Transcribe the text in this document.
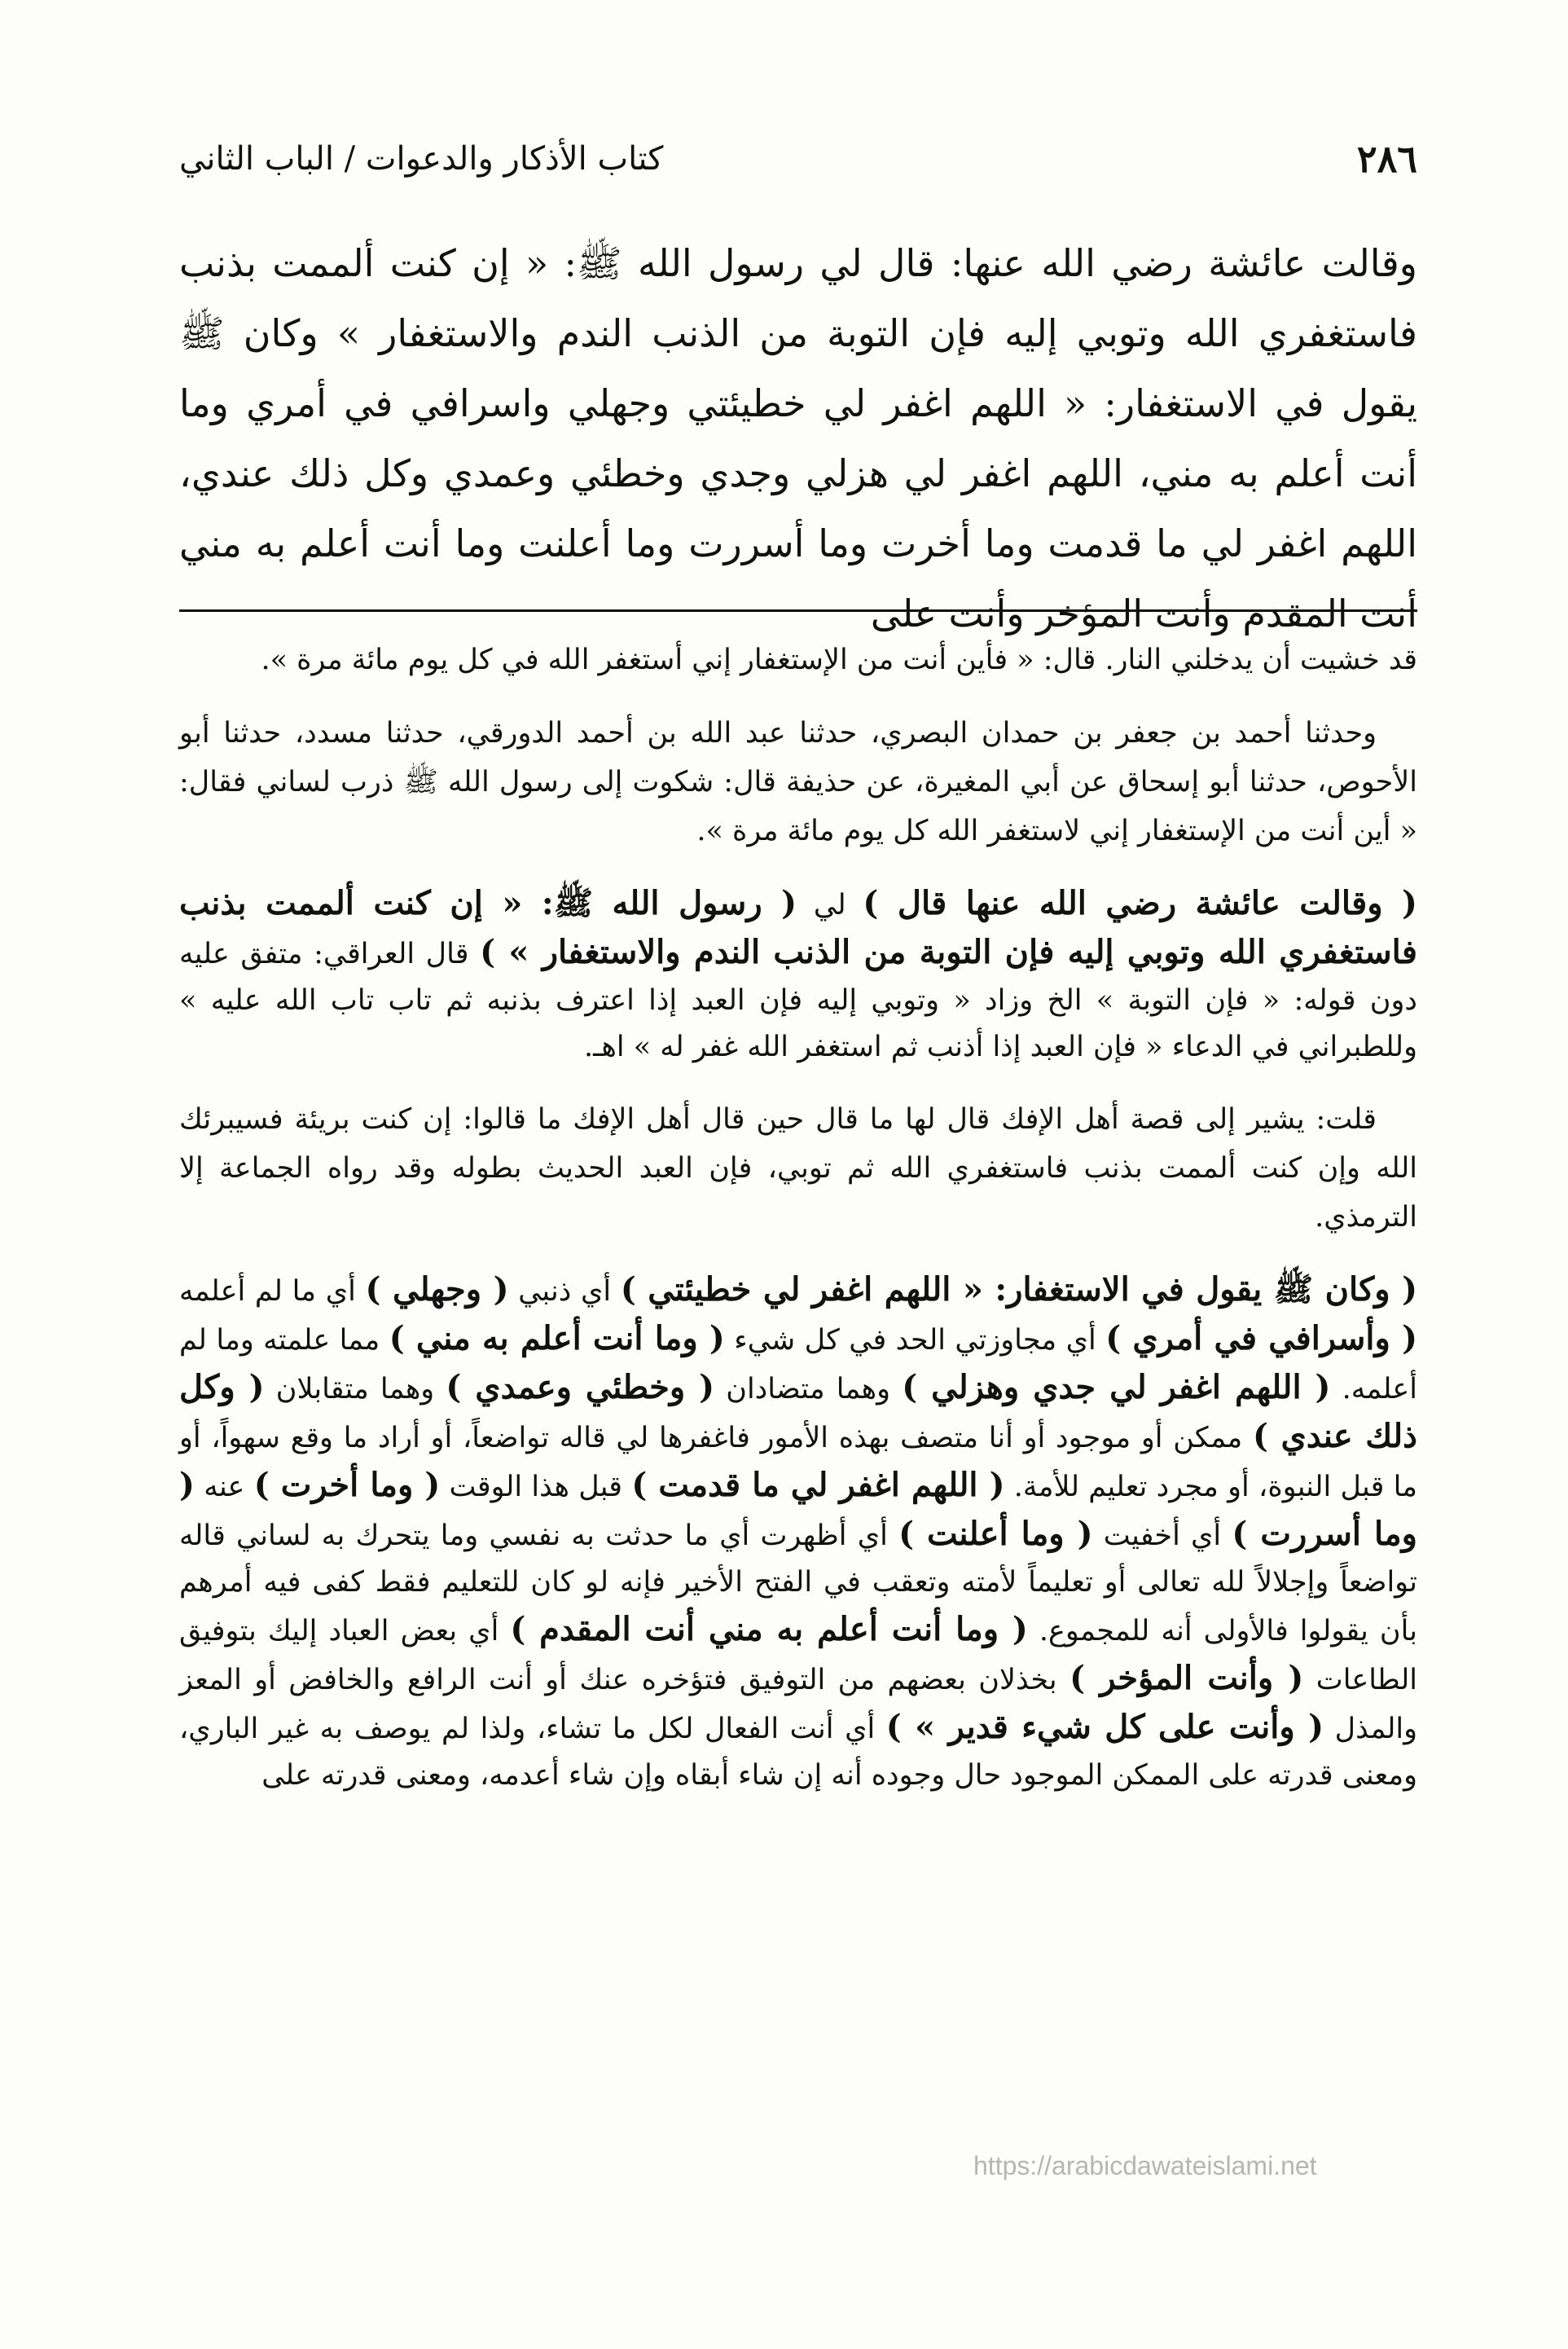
٢٨٦
كتاب الأذكار والدعوات / الباب الثاني
وقالت عائشة رضي الله عنها: قال لي رسول الله ﷺ: « إن كنت ألممت بذنب فاستغفري الله وتوبي إليه فإن التوبة من الذنب الندم والاستغفار » وكان ﷺ يقول في الاستغفار: « اللهم اغفر لي خطيئتي وجهلي واسرافي في أمري وما أنت أعلم به مني، اللهم اغفر لي هزلي وجدي وخطئي وعمدي وكل ذلك عندي، اللهم اغفر لي ما قدمت وما أخرت وما أسررت وما أعلنت وما أنت أعلم به مني أنت المقدم وأنت المؤخر وأنت على

قد خشيت أن يدخلني النار. قال: « فأين أنت من الإستغفار إني أستغفر الله في كل يوم مائة مرة ».

وحدثنا أحمد بن جعفر بن حمدان البصري، حدثنا عبد الله بن أحمد الدورقي، حدثنا مسدد، حدثنا أبو الأحوص، حدثنا أبو إسحاق عن أبي المغيرة، عن حذيفة قال: شكوت إلى رسول الله ﷺ ذرب لساني فقال: « أين أنت من الإستغفار إني لاستغفر الله كل يوم مائة مرة ».

( وقالت عائشة رضي الله عنها قال ) لي ( رسول الله ﷺ: « إن كنت ألممت بذنب فاستغفري الله وتوبي إليه فإن التوبة من الذنب الندم والاستغفار » ) قال العراقي: متفق عليه دون قوله: « فإن التوبة » الخ وزاد « وتوبي إليه فإن العبد إذا اعترف بذنبه ثم تاب تاب الله عليه » وللطبراني في الدعاء « فإن العبد إذا أذنب ثم استغفر الله غفر له » اهـ.

قلت: يشير إلى قصة أهل الإفك قال لها ما قال حين قال أهل الإفك ما قالوا: إن كنت بريئة فسيبرئك الله وإن كنت ألممت بذنب فاستغفري الله ثم توبي، فإن العبد الحديث بطوله وقد رواه الجماعة إلا الترمذي.

( وكان ﷺ يقول في الاستغفار: « اللهم اغفر لي خطيئتي ) أي ذنبي ( وجهلي ) أي ما لم أعلمه ( وأسرافي في أمري ) أي مجاوزتي الحد في كل شيء ( وما أنت أعلم به مني ) مما علمته وما لم أعلمه. ( اللهم اغفر لي جدي وهزلي ) وهما متضادان ( وخطئي وعمدي ) وهما متقابلان ( وكل ذلك عندي ) ممكن أو موجود أو أنا متصف بهذه الأمور فاغفرها لي قاله تواضعاً، أو أراد ما وقع سهواً، أو ما قبل النبوة، أو مجرد تعليم للأمة. ( اللهم اغفر لي ما قدمت ) قبل هذا الوقت ( وما أخرت ) عنه ( وما أسررت ) أي أخفيت ( وما أعلنت ) أي أظهرت أي ما حدثت به نفسي وما يتحرك به لساني قاله تواضعاً وإجلالاً لله تعالى أو تعليماً لأمته وتعقب في الفتح الأخير فإنه لو كان للتعليم فقط كفى فيه أمرهم بأن يقولوا فالأولى أنه للمجموع. ( وما أنت أعلم به مني أنت المقدم ) أي بعض العباد إليك بتوفيق الطاعات ( وأنت المؤخر ) بخذلان بعضهم من التوفيق فتؤخره عنك أو أنت الرافع والخافض أو المعز والمذل ( وأنت على كل شيء قدير » ) أي أنت الفعال لكل ما تشاء، ولذا لم يوصف به غير الباري، ومعنى قدرته على الممكن الموجود حال وجوده أنه إن شاء أبقاه وإن شاء أعدمه، ومعنى قدرته على

https://arabicdawateislami.net
